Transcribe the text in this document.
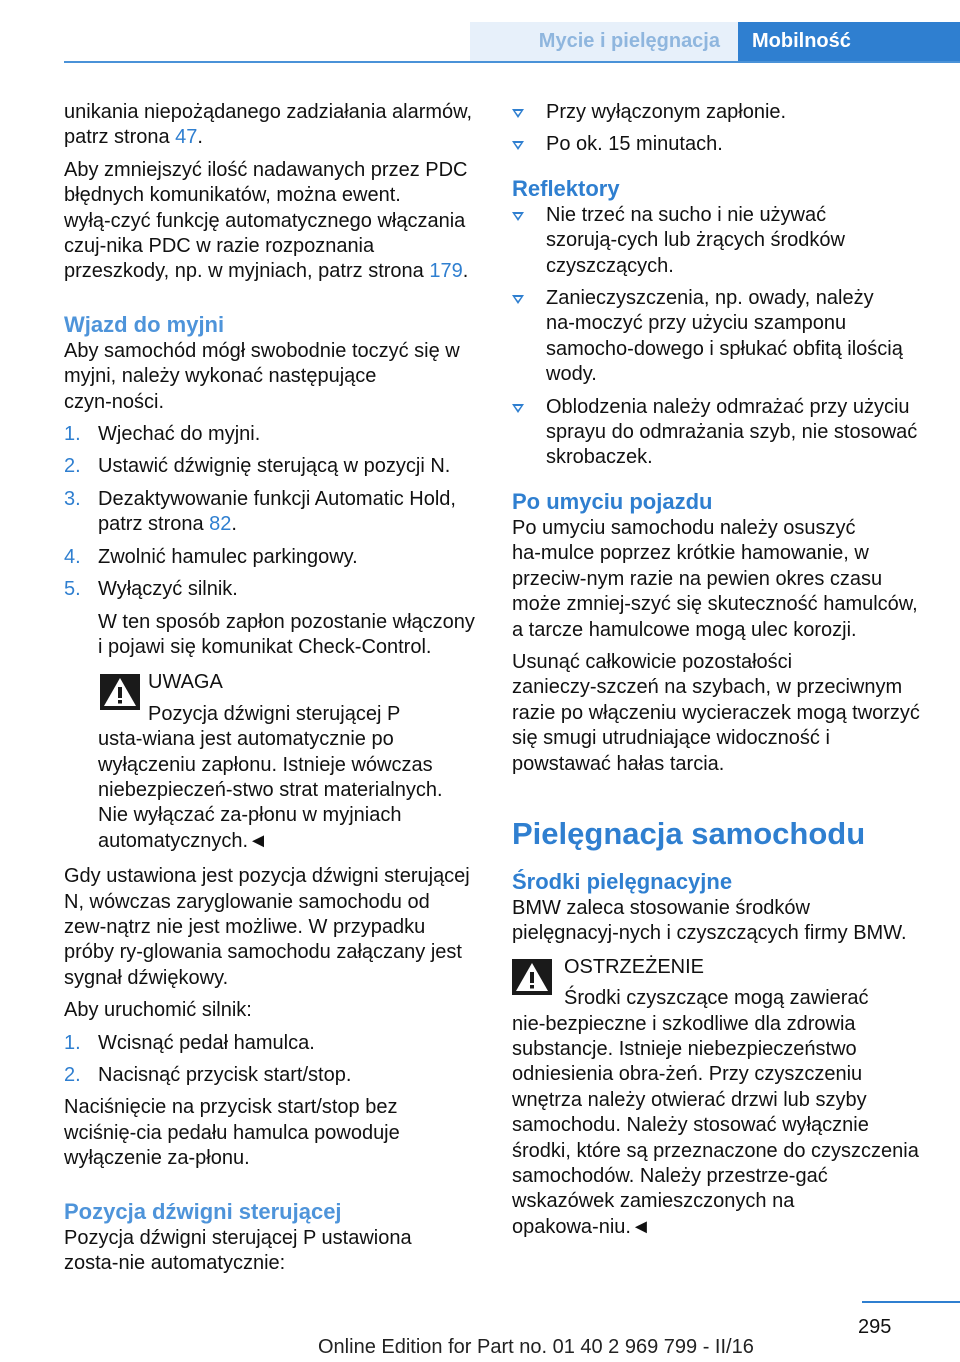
Mycie i pielęgnacja	Mobilność

unikania niepożądanego zadziałania alarmów, patrz strona 47.

Aby zmniejszyć ilość nadawanych przez PDC błędnych komunikatów, można ewent. wyłą‑czyć funkcję automatycznego włączania czuj‑nika PDC w razie rozpoznania przeszkody, np. w myjniach, patrz strona 179.

Wjazd do myjni

Aby samochód mógł swobodnie toczyć się w myjni, należy wykonać następujące czyn‑ności.

1. Wjechać do myjni.
2. Ustawić dźwignię sterującą w pozycji N.
3. Dezaktywowanie funkcji Automatic Hold, patrz strona 82.
4. Zwolnić hamulec parkingowy.
5. Wyłączyć silnik.

W ten sposób zapłon pozostanie włączony i pojawi się komunikat Check-Control.

UWAGA

Pozycja dźwigni sterującej P usta‑wiana jest automatycznie po wyłączeniu zapłonu. Istnieje wówczas niebezpieczeń‑stwo strat materialnych. Nie wyłączać za‑płonu w myjniach automatycznych.◄

Gdy ustawiona jest pozycja dźwigni sterującej N, wówczas zaryglowanie samochodu od zew‑nątrz nie jest możliwe. W przypadku próby ry‑glowania samochodu załączany jest sygnał dźwiękowy.

Aby uruchomić silnik:

1. Wcisnąć pedał hamulca.
2. Nacisnąć przycisk start/stop.

Naciśnięcie na przycisk start/stop bez wciśnię‑cia pedału hamulca powoduje wyłączenie za‑płonu.

Pozycja dźwigni sterującej

Pozycja dźwigni sterującej P ustawiona zosta‑nie automatycznie:

Przy wyłączonym zapłonie.
Po ok. 15 minutach.
Reflektory
Nie trzeć na sucho i nie używać szorują‑cych lub żrących środków czyszczących.
Zanieczyszczenia, np. owady, należy na‑moczyć przy użyciu szamponu samocho‑dowego i spłukać obfitą ilością wody.
Oblodzenia należy odmrażać przy użyciu sprayu do odmrażania szyb, nie stosować skrobaczek.
Po umyciu pojazdu

Po umyciu samochodu należy osuszyć ha‑mulce poprzez krótkie hamowanie, w przeciw‑nym razie na pewien okres czasu może zmniej‑szyć się skuteczność hamulców, a tarcze hamulcowe mogą ulec korozji.

Usunąć całkowicie pozostałości zanieczy‑szczeń na szybach, w przeciwnym razie po włączeniu wycieraczek mogą tworzyć się smugi utrudniające widoczność i powstawać hałas tarcia.

Pielęgnacja samochodu
Środki pielęgnacyjne

BMW zaleca stosowanie środków pielęgnacyj‑nych i czyszczących firmy BMW.

OSTRZEŻENIE

Środki czyszczące mogą zawierać nie‑bezpieczne i szkodliwe dla zdrowia substancje. Istnieje niebezpieczeństwo odniesienia obra‑żeń. Przy czyszczeniu wnętrza należy otwierać drzwi lub szyby samochodu. Należy stosować wyłącznie środki, które są przeznaczone do czyszczenia samochodów. Należy przestrze‑gać wskazówek zamieszczonych na opakowa‑niu.◄

295
Online Edition for Part no. 01 40 2 969 799 - II/16
